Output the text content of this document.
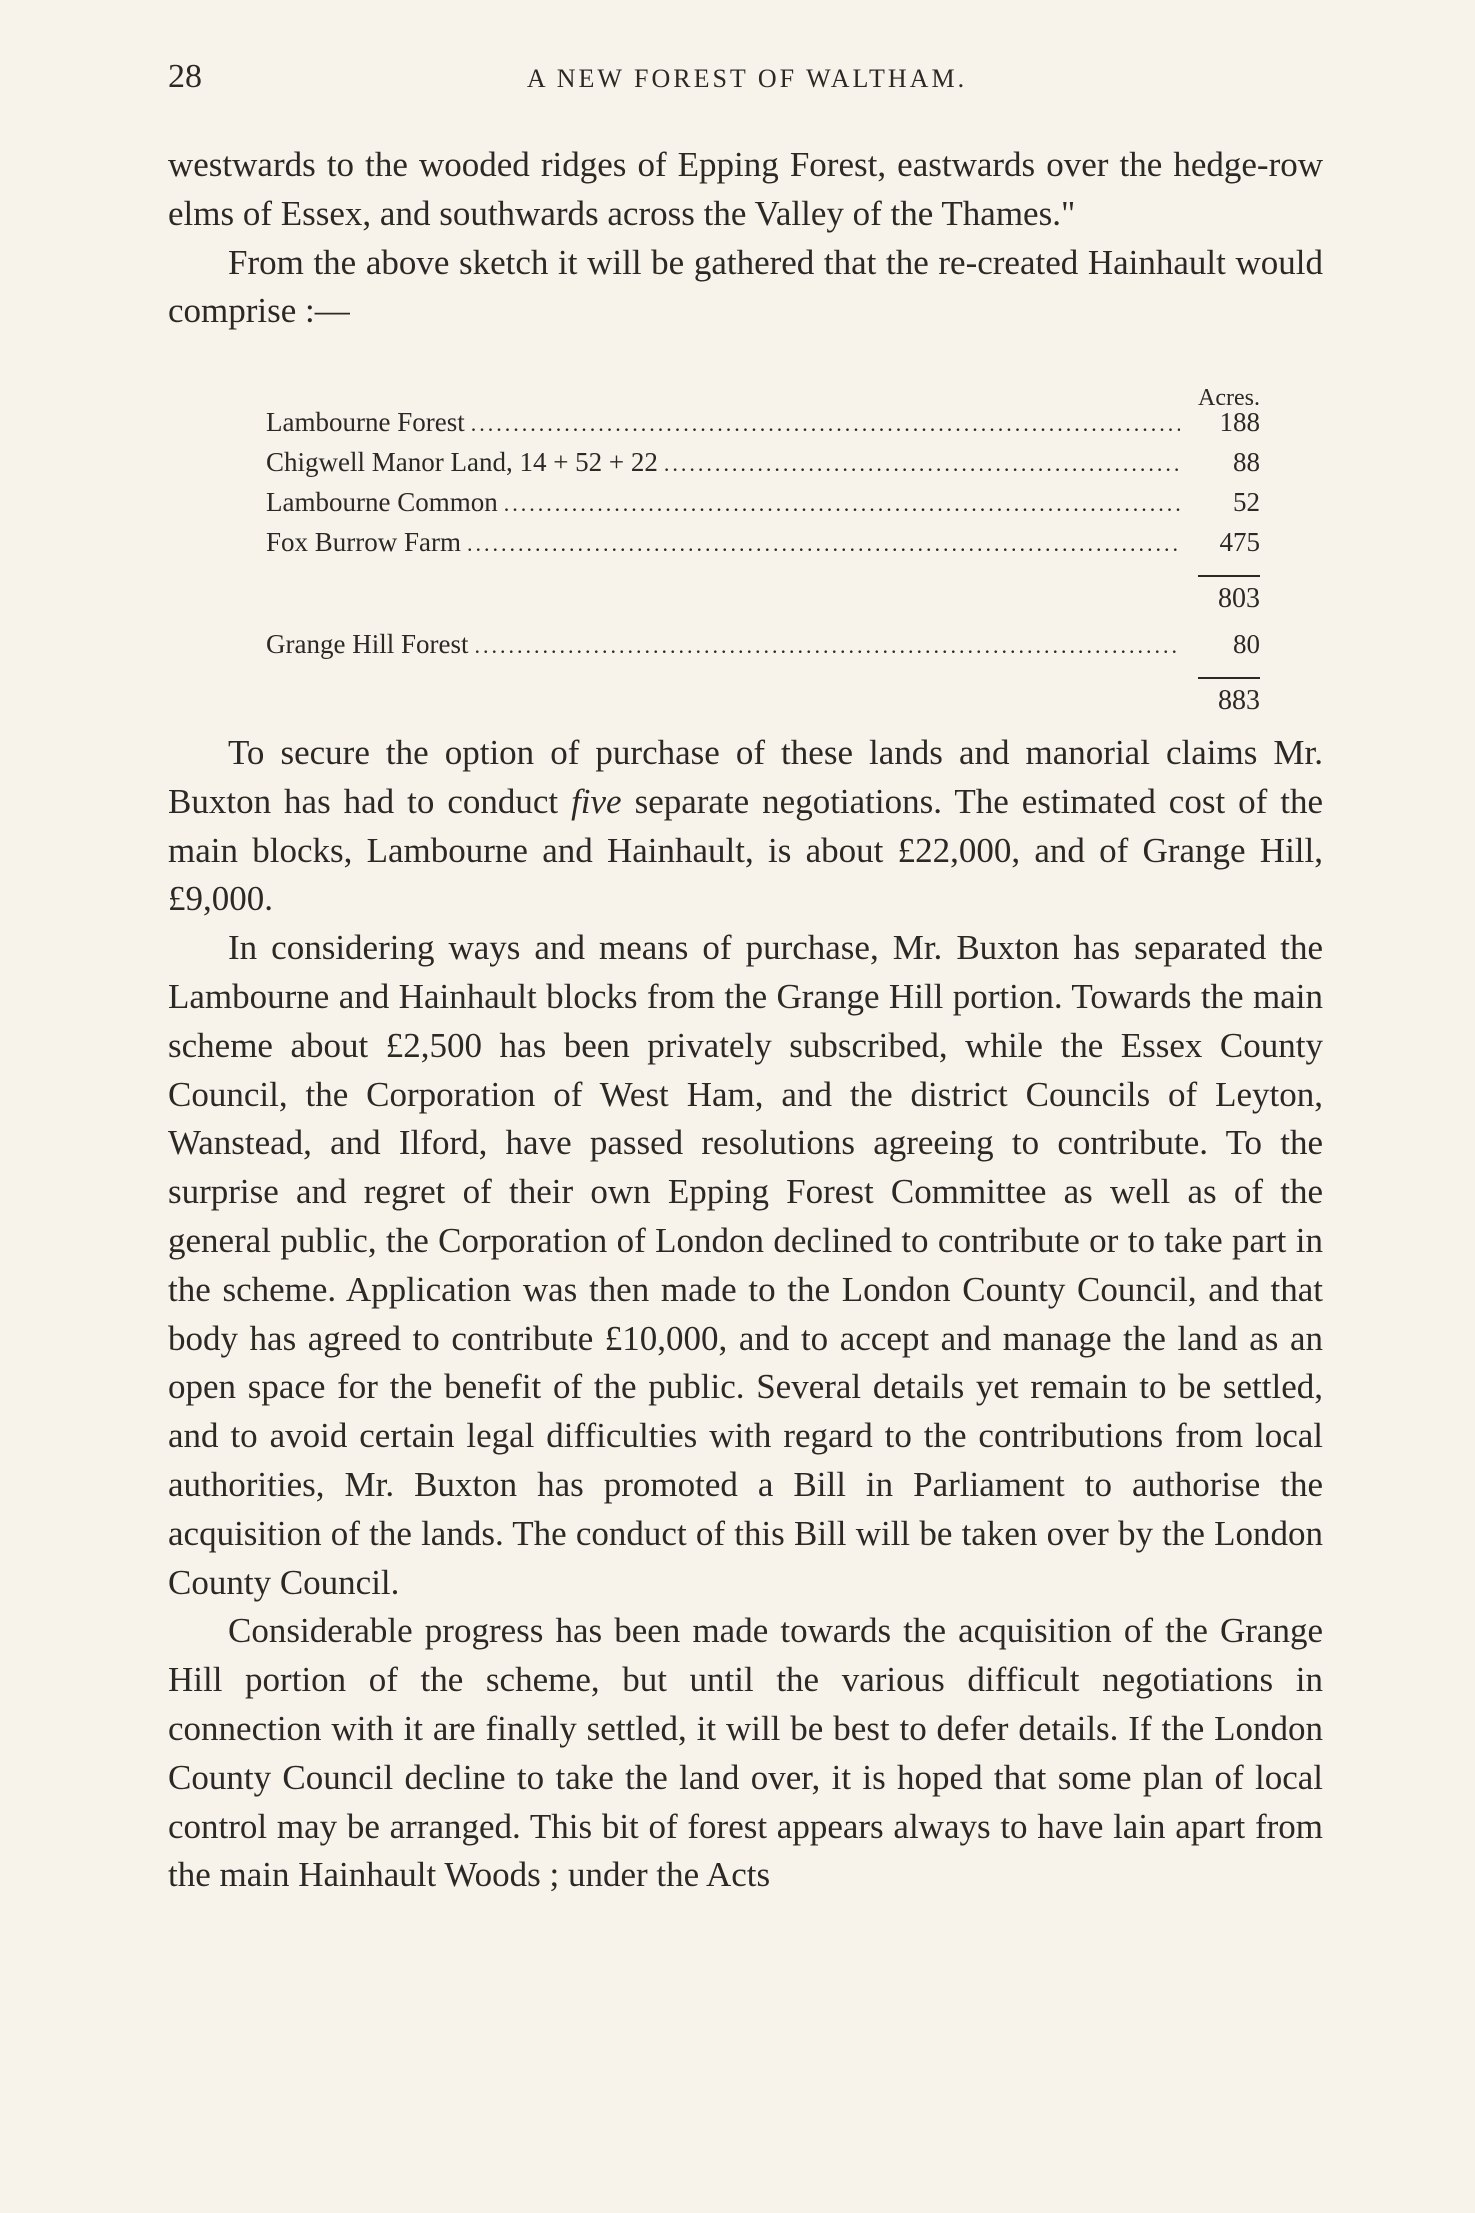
28	A NEW FOREST OF WALTHAM.

westwards to the wooded ridges of Epping Forest, eastwards over the hedge-row elms of Essex, and southwards across the Valley of the Thames."

From the above sketch it will be gathered that the re-created Hainhault would comprise :—

Acres.
Lambourne Forest .....	188
Chigwell Manor Land, 14 + 52 + 22 .....	88
Lambourne Common .....	52
Fox Burrow Farm .....	475
803
Grange Hill Forest .....	80
883

To secure the option of purchase of these lands and manorial claims Mr. Buxton has had to conduct five separate negotiations. The estimated cost of the main blocks, Lambourne and Hainhault, is about £22,000, and of Grange Hill, £9,000.

In considering ways and means of purchase, Mr. Buxton has separated the Lambourne and Hainhault blocks from the Grange Hill portion. Towards the main scheme about £2,500 has been privately subscribed, while the Essex County Council, the Corporation of West Ham, and the district Councils of Leyton, Wanstead, and Ilford, have passed resolutions agreeing to contribute. To the surprise and regret of their own Epping Forest Committee as well as of the general public, the Corporation of London declined to contribute or to take part in the scheme. Application was then made to the London County Council, and that body has agreed to contribute £10,000, and to accept and manage the land as an open space for the benefit of the public. Several details yet remain to be settled, and to avoid certain legal difficulties with regard to the contributions from local authorities, Mr. Buxton has promoted a Bill in Parliament to authorise the acquisition of the lands. The conduct of this Bill will be taken over by the London County Council.

Considerable progress has been made towards the acquisition of the Grange Hill portion of the scheme, but until the various difficult negotiations in connection with it are finally settled, it will be best to defer details. If the London County Council decline to take the land over, it is hoped that some plan of local control may be arranged. This bit of forest appears always to have lain apart from the main Hainhault Woods ; under the Acts
